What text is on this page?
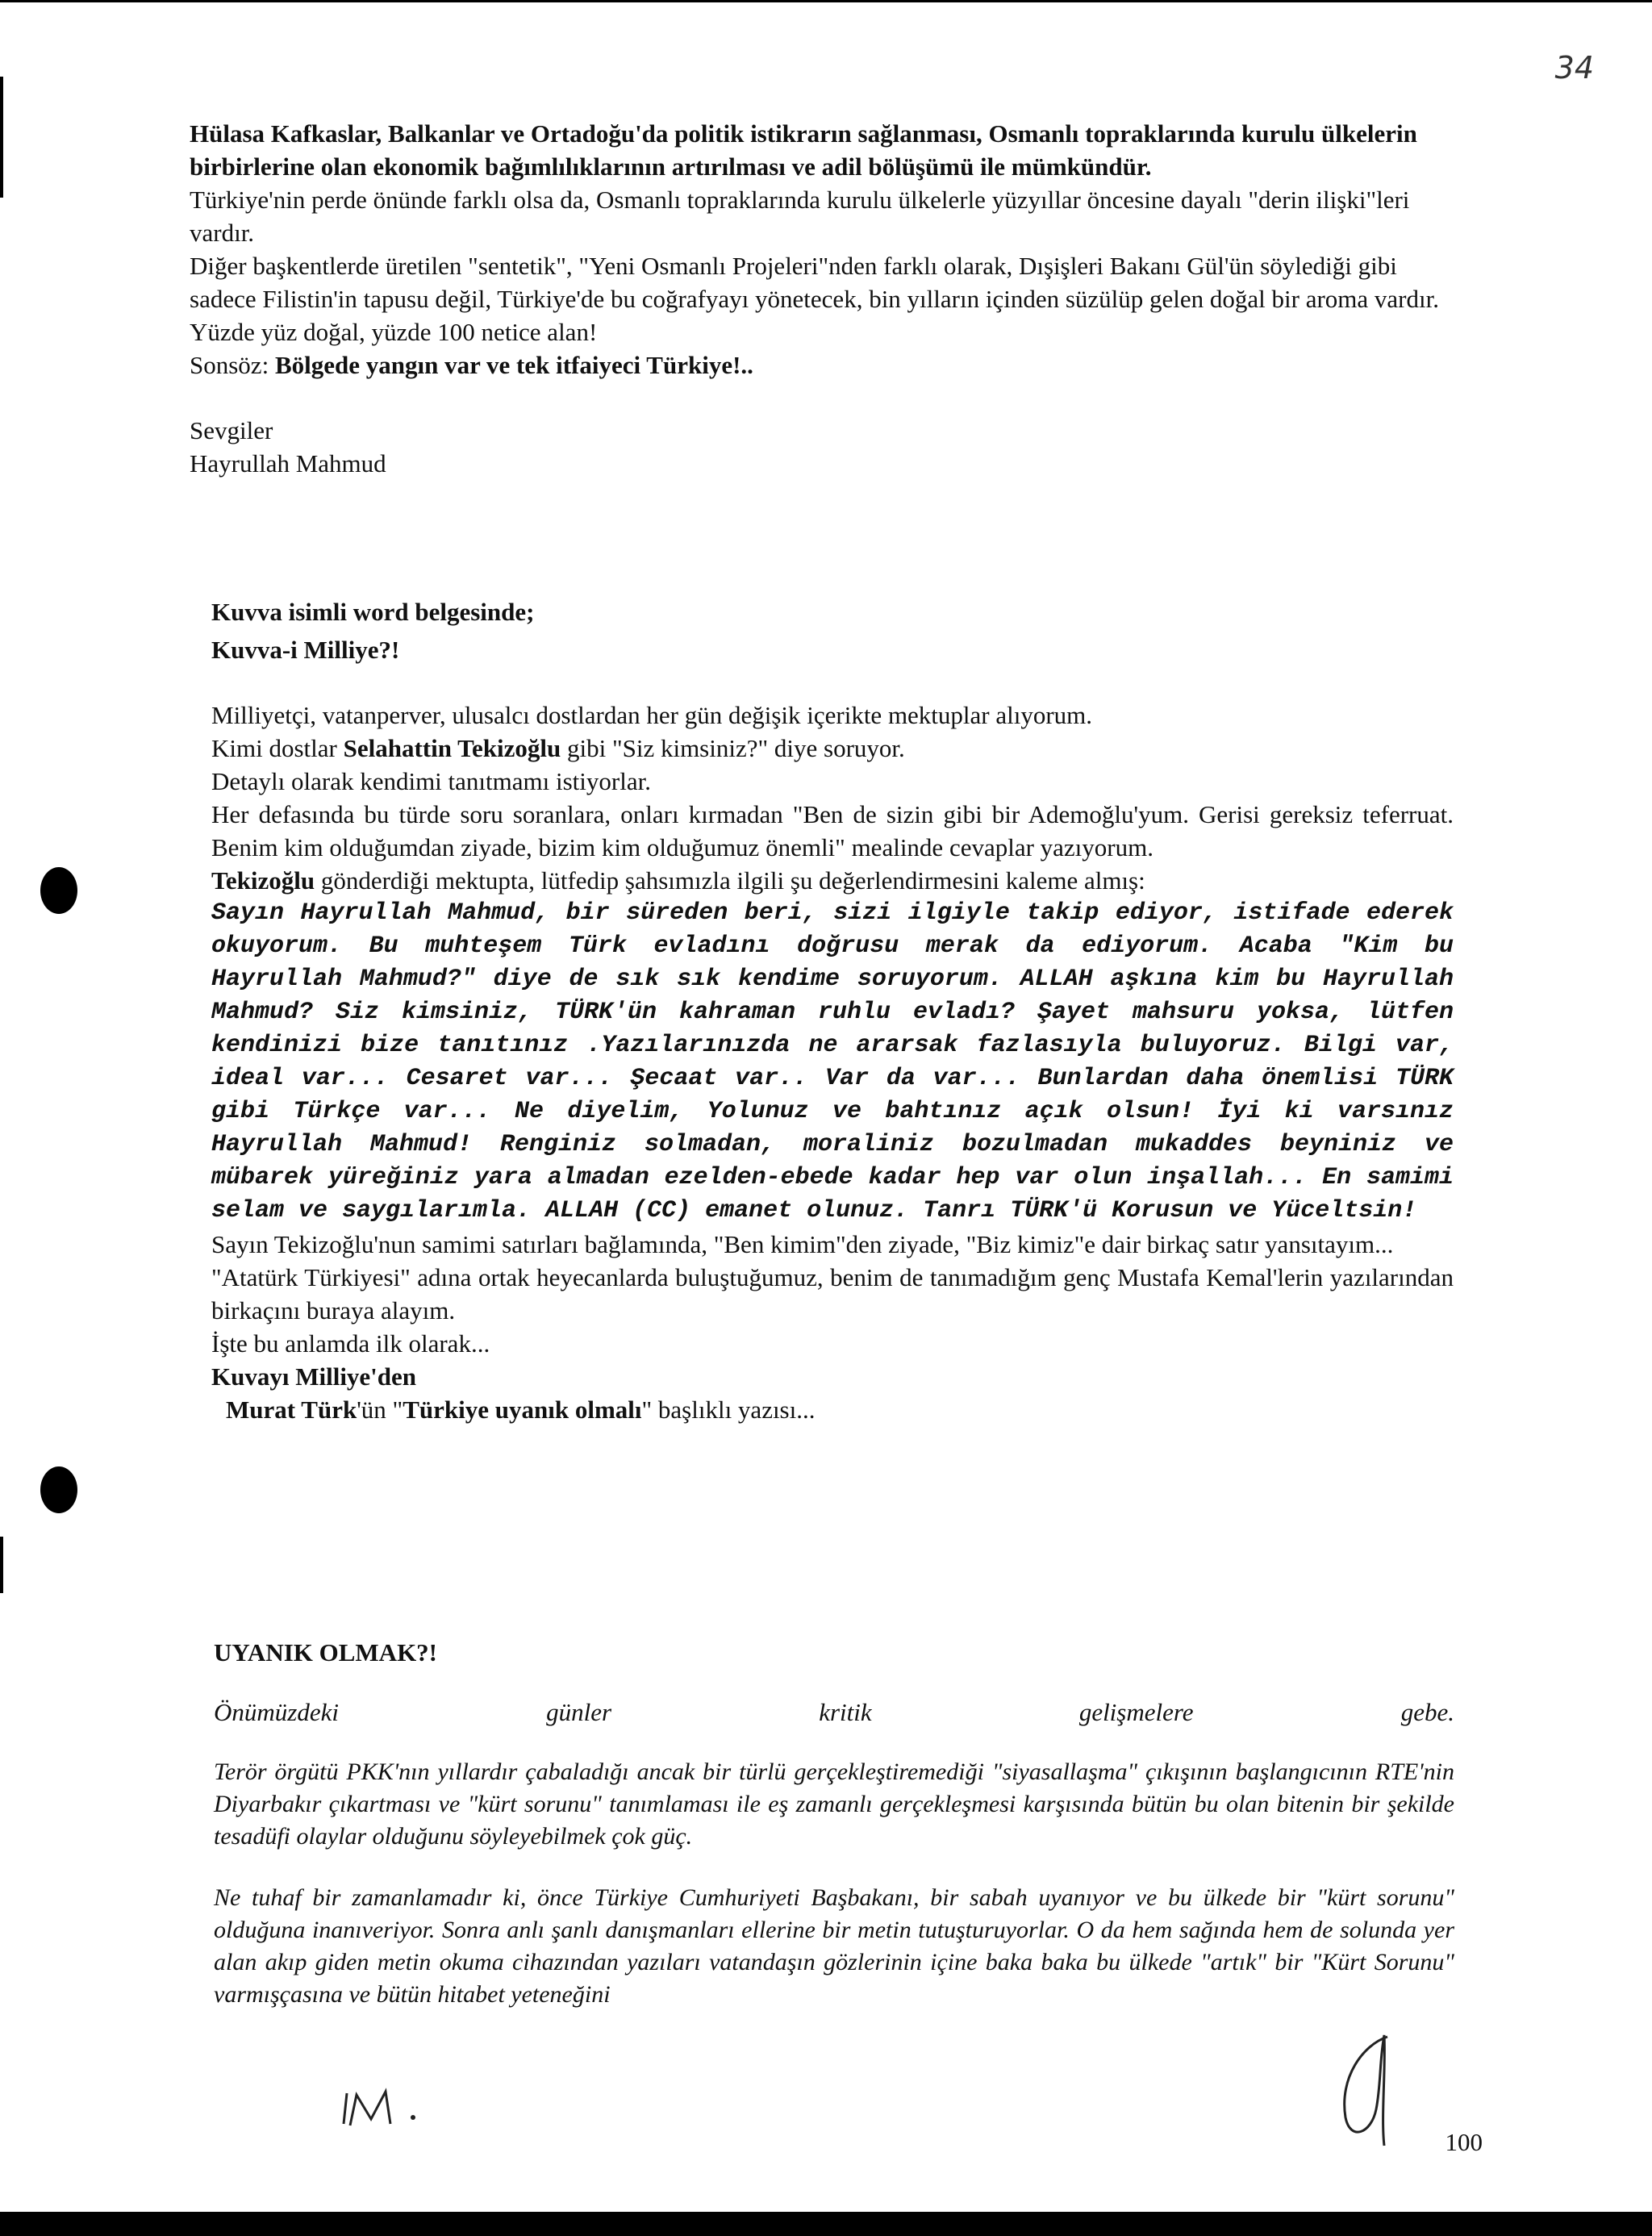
34

Hülasa Kafkaslar, Balkanlar ve Ortadoğu'da politik istikrarın sağlanması, Osmanlı topraklarında kurulu ülkelerin birbirlerine olan ekonomik bağımlılıklarının artırılması ve adil bölüşümü ile mümkündür.

Türkiye'nin perde önünde farklı olsa da, Osmanlı topraklarında kurulu ülkelerle yüzyıllar öncesine dayalı "derin ilişki"leri vardır.

Diğer başkentlerde üretilen "sentetik", "Yeni Osmanlı Projeleri"nden farklı olarak, Dışişleri Bakanı Gül'ün söylediği gibi sadece Filistin'in tapusu değil, Türkiye'de bu coğrafyayı yönetecek, bin yılların içinden süzülüp gelen doğal bir aroma vardır.

Yüzde yüz doğal, yüzde 100 netice alan!

Sonsöz: Bölgede yangın var ve tek itfaiyeci Türkiye!..

Sevgiler

Hayrullah Mahmud

Kuvva isimli word belgesinde;

Kuvva-i Milliye?!

Milliyetçi, vatanperver, ulusalcı dostlardan her gün değişik içerikte mektuplar alıyorum.

Kimi dostlar Selahattin Tekizoğlu gibi "Siz kimsiniz?" diye soruyor.

Detaylı olarak kendimi tanıtmamı istiyorlar.

Her defasında bu türde soru soranlara, onları kırmadan "Ben de sizin gibi bir Ademoğlu'yum. Gerisi gereksiz teferruat. Benim kim olduğumdan ziyade, bizim kim olduğumuz önemli" mealinde cevaplar yazıyorum.

Tekizoğlu gönderdiği mektupta, lütfedip şahsımızla ilgili şu değerlendirmesini kaleme almış:

Sayın Hayrullah Mahmud, bir süreden beri, sizi ilgiyle takip ediyor, istifade ederek okuyorum. Bu muhteşem Türk evladını doğrusu merak da ediyorum. Acaba "Kim bu Hayrullah Mahmud?" diye de sık sık kendime soruyorum. ALLAH aşkına kim bu Hayrullah Mahmud? Siz kimsiniz, TÜRK'ün kahraman ruhlu evladı? Şayet mahsuru yoksa, lütfen kendinizi bize tanıtınız .Yazılarınızda ne ararsak fazlasıyla buluyoruz. Bilgi var, ideal var... Cesaret var... Şecaat var.. Var da var... Bunlardan daha önemlisi TÜRK gibi Türkçe var... Ne diyelim, Yolunuz ve bahtınız açık olsun! İyi ki varsınız Hayrullah Mahmud! Renginiz solmadan, moraliniz bozulmadan mukaddes beyniniz ve mübarek yüreğiniz yara almadan ezelden-ebede kadar hep var olun inşallah... En samimi selam ve saygılarımla. ALLAH (CC) emanet olunuz. Tanrı TÜRK'ü Korusun ve Yüceltsin!

Sayın Tekizoğlu'nun samimi satırları bağlamında, "Ben kimim"den ziyade, "Biz kimiz"e dair birkaç satır yansıtayım...

"Atatürk Türkiyesi" adına ortak heyecanlarda buluştuğumuz, benim de tanımadığım genç Mustafa Kemal'lerin yazılarından birkaçını buraya alayım.

İşte bu anlamda ilk olarak...

Kuvayı Milliye'den

Murat Türk'ün "Türkiye uyanık olmalı" başlıklı yazısı...

UYANIK OLMAK?!

Önümüzdeki	günler	kritik	gelişmelere	gebe.

Terör örgütü PKK'nın yıllardır çabaladığı ancak bir türlü gerçekleştiremediği "siyasallaşma" çıkışının başlangıcının RTE'nin Diyarbakır çıkartması ve "kürt sorunu" tanımlaması ile eş zamanlı gerçekleşmesi karşısında bütün bu olan bitenin bir şekilde tesadüfi olaylar olduğunu söyleyebilmek çok güç.

Ne tuhaf bir zamanlamadır ki, önce Türkiye Cumhuriyeti Başbakanı, bir sabah uyanıyor ve bu ülkede bir "kürt sorunu" olduğuna inanıveriyor. Sonra anlı şanlı danışmanları ellerine bir metin tutuşturuyorlar. O da hem sağında hem de solunda yer alan akıp giden metin okuma cihazından yazıları vatandaşın gözlerinin içine baka baka bu ülkede "artık" bir "Kürt Sorunu" varmışçasına ve bütün hitabet yeteneğini

100
